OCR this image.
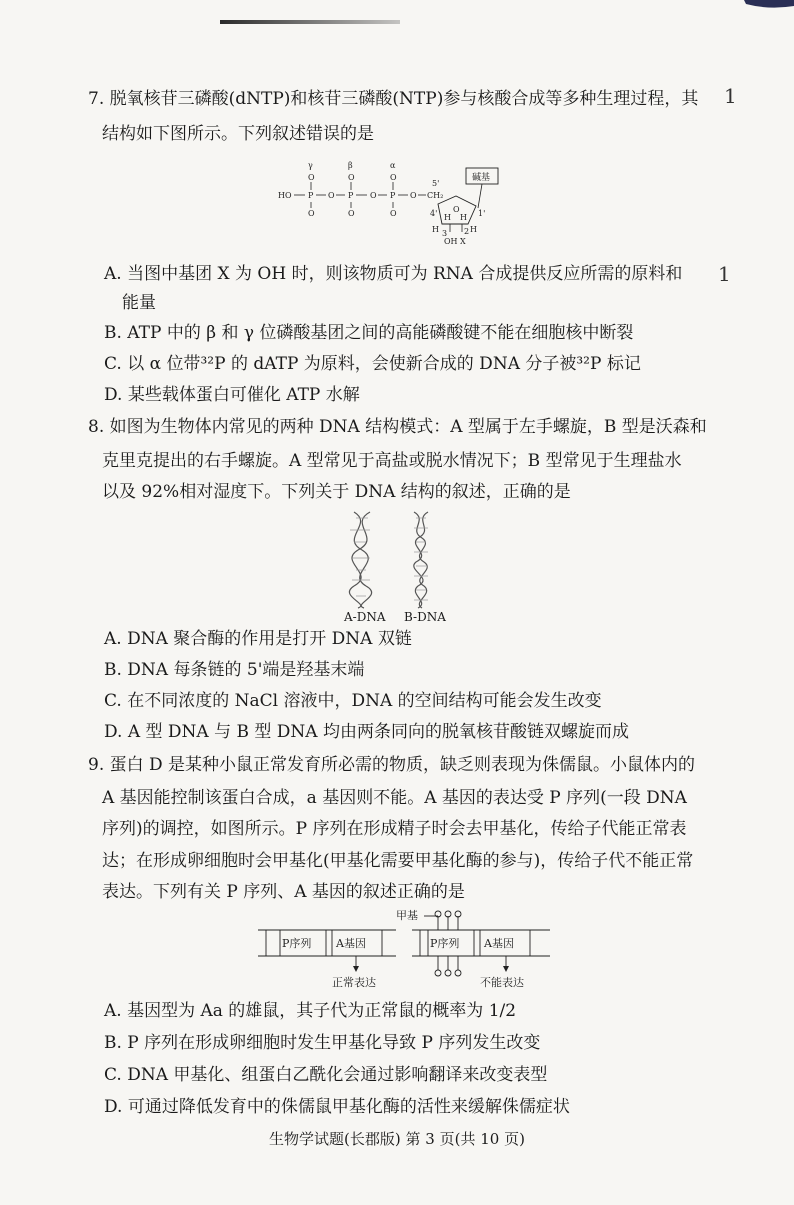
1
1
7. 脱氧核苷三磷酸(dNTP)和核苷三磷酸(NTP)参与核酸合成等多种生理过程，其
结构如下图所示。下列叙述错误的是
γ	β	α
O	O	O
HO P O P O P O CH₂
O	O	O
5'
碱基
O
4'	1'
H H
H	H
3 2
OH X
A. 当图中基团 X 为 OH 时，则该物质可为 RNA 合成提供反应所需的原料和
能量
B. ATP 中的 β 和 γ 位磷酸基团之间的高能磷酸键不能在细胞核中断裂
C. 以 α 位带³²P 的 dATP 为原料，会使新合成的 DNA 分子被³²P 标记
D. 某些载体蛋白可催化 ATP 水解
8. 如图为生物体内常见的两种 DNA 结构模式：A 型属于左手螺旋，B 型是沃森和
克里克提出的右手螺旋。A 型常见于高盐或脱水情况下；B 型常见于生理盐水
以及 92%相对湿度下。下列关于 DNA 结构的叙述，正确的是
A-DNA B-DNA
A. DNA 聚合酶的作用是打开 DNA 双链
B. DNA 每条链的 5'端是羟基末端
C. 在不同浓度的 NaCl 溶液中，DNA 的空间结构可能会发生改变
D. A 型 DNA 与 B 型 DNA 均由两条同向的脱氧核苷酸链双螺旋而成
9. 蛋白 D 是某种小鼠正常发育所必需的物质，缺乏则表现为侏儒鼠。小鼠体内的
A 基因能控制该蛋白合成，a 基因则不能。A 基因的表达受 P 序列(一段 DNA
序列)的调控，如图所示。P 序列在形成精子时会去甲基化，传给子代能正常表
达；在形成卵细胞时会甲基化(甲基化需要甲基化酶的参与)，传给子代不能正常
表达。下列有关 P 序列、A 基因的叙述正确的是
P序列 A基因	P序列 A基因
甲基
正常表达	不能表达
A. 基因型为 Aa 的雄鼠，其子代为正常鼠的概率为 1/2
B. P 序列在形成卵细胞时发生甲基化导致 P 序列发生改变
C. DNA 甲基化、组蛋白乙酰化会通过影响翻译来改变表型
D. 可通过降低发育中的侏儒鼠甲基化酶的活性来缓解侏儒症状
生物学试题(长郡版) 第 3 页(共 10 页)
